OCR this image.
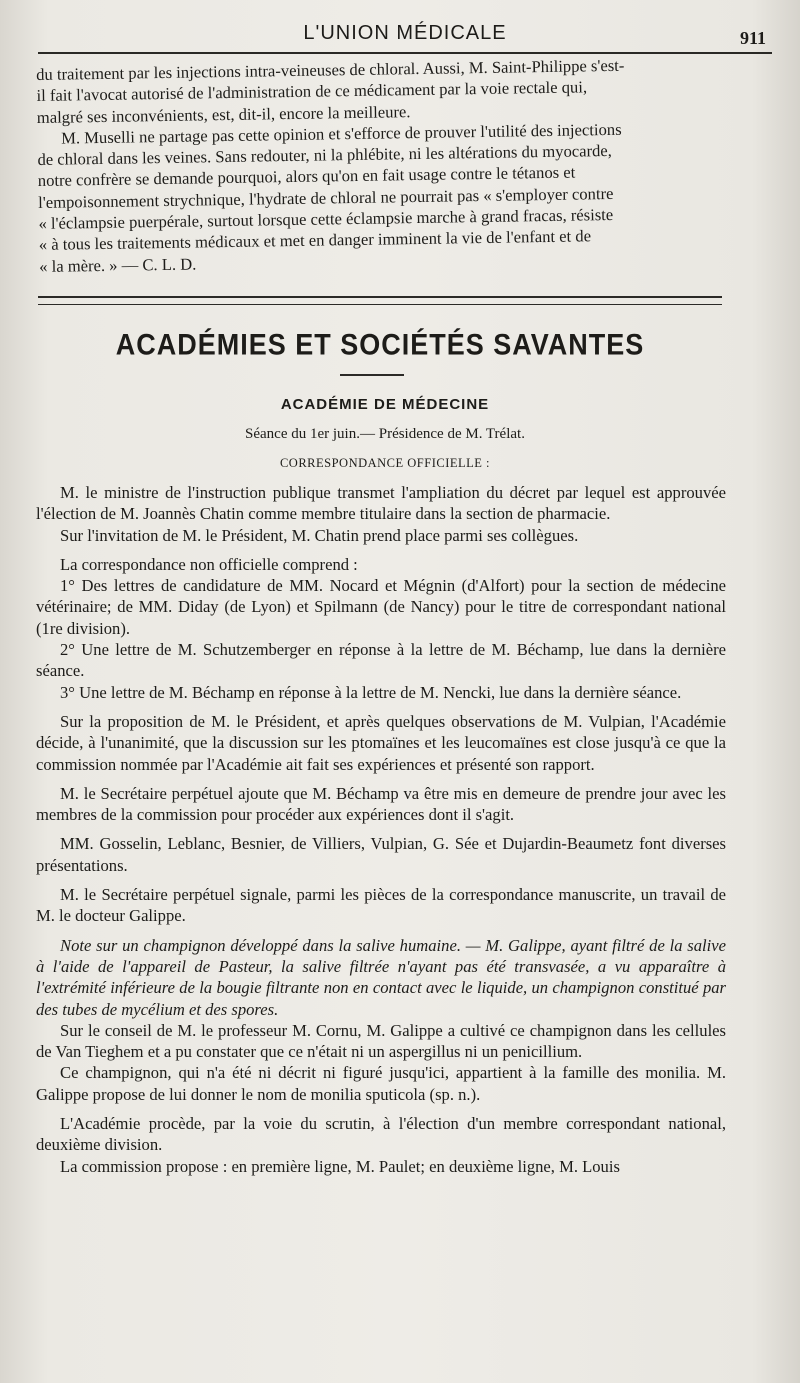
L'UNION MÉDICALE	911

du traitement par les injections intra-veineuses de chloral. Aussi, M. Saint-Philippe s'est-

il fait l'avocat autorisé de l'administration de ce médicament par la voie rectale qui,

malgré ses inconvénients, est, dit-il, encore la meilleure.

M. Muselli ne partage pas cette opinion et s'efforce de prouver l'utilité des injections

de chloral dans les veines. Sans redouter, ni la phlébite, ni les altérations du myocarde,

notre confrère se demande pourquoi, alors qu'on en fait usage contre le tétanos et

l'empoisonnement strychnique, l'hydrate de chloral ne pourrait pas « s'employer contre

« l'éclampsie puerpérale, surtout lorsque cette éclampsie marche à grand fracas, résiste

« à tous les traitements médicaux et met en danger imminent la vie de l'enfant et de

« la mère. » — C. L. D.

ACADÉMIES ET SOCIÉTÉS SAVANTES
ACADÉMIE DE MÉDECINE
Séance du 1er juin.— Présidence de M. Trélat.
CORRESPONDANCE OFFICIELLE :

M. le ministre de l'instruction publique transmet l'ampliation du décret par lequel est approuvée l'élection de M. Joannès Chatin comme membre titulaire dans la section de pharmacie.

Sur l'invitation de M. le Président, M. Chatin prend place parmi ses collègues.

La correspondance non officielle comprend :

1° Des lettres de candidature de MM. Nocard et Mégnin (d'Alfort) pour la section de médecine vétérinaire; de MM. Diday (de Lyon) et Spilmann (de Nancy) pour le titre de correspondant national (1re division).

2° Une lettre de M. Schutzemberger en réponse à la lettre de M. Béchamp, lue dans la dernière séance.

3° Une lettre de M. Béchamp en réponse à la lettre de M. Nencki, lue dans la dernière séance.

Sur la proposition de M. le Président, et après quelques observations de M. Vulpian, l'Académie décide, à l'unanimité, que la discussion sur les ptomaïnes et les leucomaïnes est close jusqu'à ce que la commission nommée par l'Académie ait fait ses expériences et présenté son rapport.

M. le Secrétaire perpétuel ajoute que M. Béchamp va être mis en demeure de prendre jour avec les membres de la commission pour procéder aux expériences dont il s'agit.

MM. Gosselin, Leblanc, Besnier, de Villiers, Vulpian, G. Sée et Dujardin-Beaumetz font diverses présentations.

M. le Secrétaire perpétuel signale, parmi les pièces de la correspondance manuscrite, un travail de M. le docteur Galippe.

Note sur un champignon développé dans la salive humaine. — M. Galippe, ayant filtré de la salive à l'aide de l'appareil de Pasteur, la salive filtrée n'ayant pas été transvasée, a vu apparaître à l'extrémité inférieure de la bougie filtrante non en contact avec le liquide, un champignon constitué par des tubes de mycélium et des spores.

Sur le conseil de M. le professeur M. Cornu, M. Galippe a cultivé ce champignon dans les cellules de Van Tieghem et a pu constater que ce n'était ni un aspergillus ni un penicillium.

Ce champignon, qui n'a été ni décrit ni figuré jusqu'ici, appartient à la famille des monilia. M. Galippe propose de lui donner le nom de monilia sputicola (sp. n.).

L'Académie procède, par la voie du scrutin, à l'élection d'un membre correspondant national, deuxième division.

La commission propose : en première ligne, M. Paulet; en deuxième ligne, M. Louis
